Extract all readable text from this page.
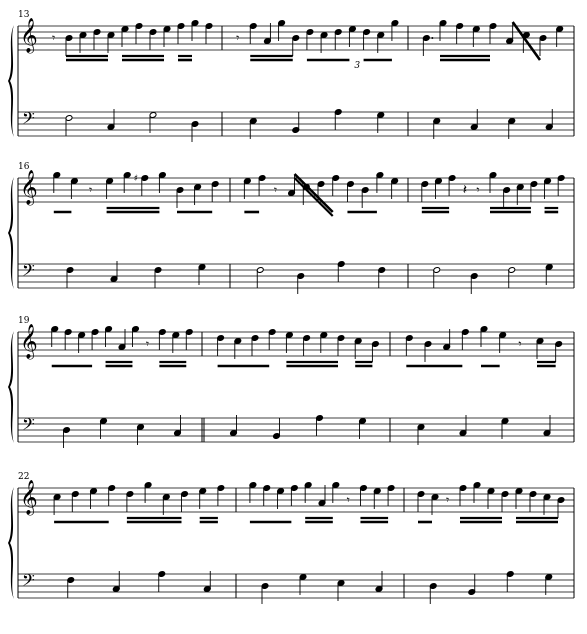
13
𝄞
𝄢
𝄾	𝄾
3
16
𝄞
𝄢
𝄾
♯
𝄾	𝄽 𝄾
19
𝄞
𝄢
𝄾	𝄾
22
𝄞
𝄢
𝄾	𝄾
